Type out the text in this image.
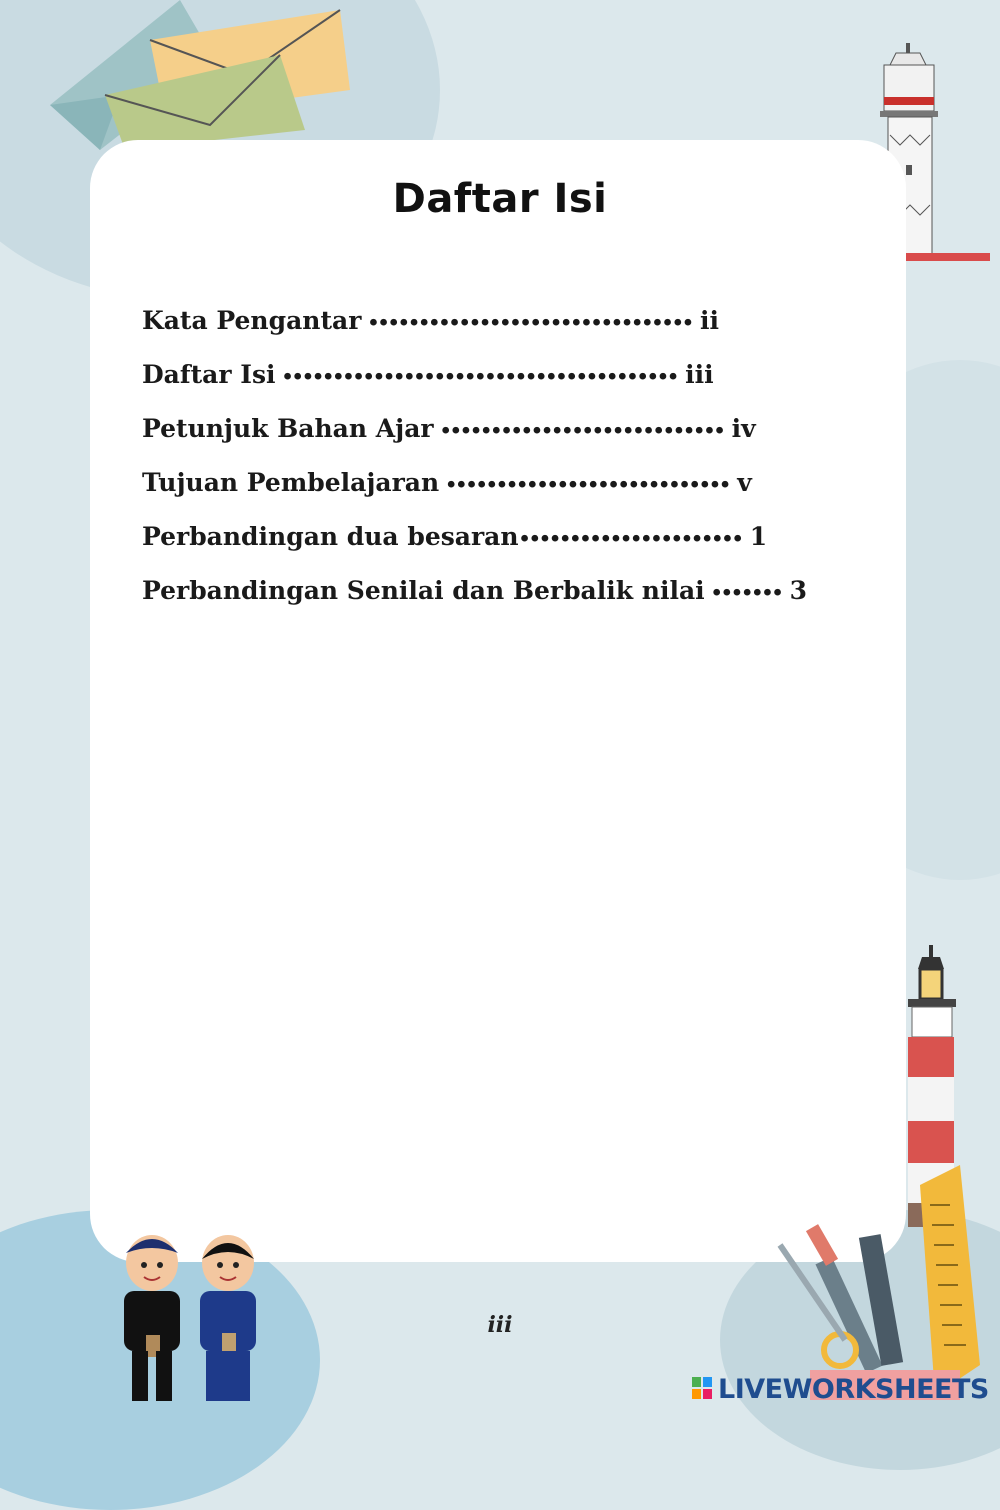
Daftar Isi
Kata Pengantar •••••••••••••••••••••••••••••••• ii
Daftar Isi ••••••••••••••••••••••••••••••••••••••• iii
Petunjuk Bahan Ajar •••••••••••••••••••••••••••• iv
Tujuan Pembelajaran •••••••••••••••••••••••••••• v
Perbandingan dua besaran •••••••••••••••••••••• 1
Perbandingan Senilai dan Berbalik nilai ••••••• 3
iii
LIVEWORKSHEETS
